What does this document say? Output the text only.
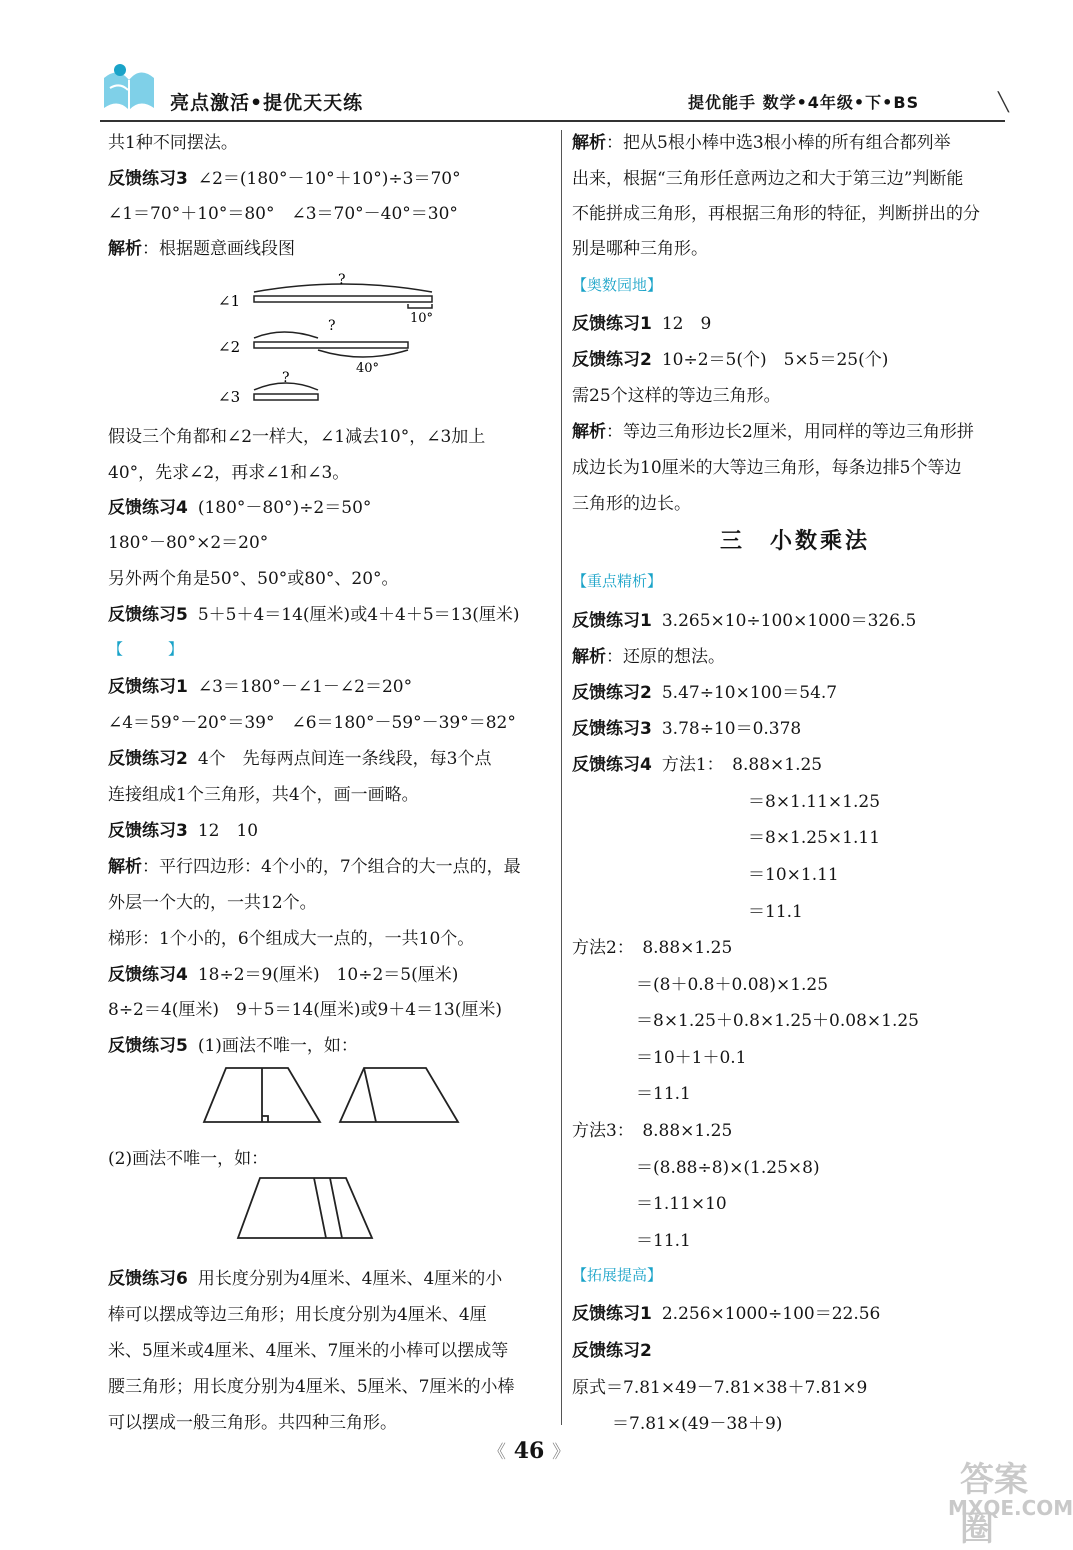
亮点激活•提优天天练	提优能手 数学•4年级•下•BS	╲
共1种不同摆法。
反馈练习3 ∠2＝(180°－10°＋10°)÷3＝70°
∠1＝70°＋10°＝80°　∠3＝70°－40°＝30°
解析：根据题意画线段图
∠1
∠2
∠3
?
10°
?
40°
?
假设三个角都和∠2一样大，∠1减去10°，∠3加上
40°，先求∠2，再求∠1和∠3。
反馈练习4 (180°－80°)÷2＝50°
180°－80°×2＝20°
另外两个角是50°、50°或80°、20°。
反馈练习5 5＋5＋4＝14(厘米)或4＋4＋5＝13(厘米)
【　　　】
反馈练习1 ∠3＝180°－∠1－∠2＝20°
∠4＝59°－20°＝39°　∠6＝180°－59°－39°＝82°
反馈练习2 4个　先每两点间连一条线段，每3个点
连接组成1个三角形，共4个，画一画略。
反馈练习3 12　10
解析：平行四边形：4个小的，7个组合的大一点的，最
外层一个大的，一共12个。
梯形：1个小的，6个组成大一点的，一共10个。
反馈练习4 18÷2＝9(厘米)　10÷2＝5(厘米)
8÷2＝4(厘米)　9＋5＝14(厘米)或9＋4＝13(厘米)
反馈练习5 (1)画法不唯一，如：
(2)画法不唯一，如：
反馈练习6 用长度分别为4厘米、4厘米、4厘米的小
棒可以摆成等边三角形；用长度分别为4厘米、4厘
米、5厘米或4厘米、4厘米、7厘米的小棒可以摆成等
腰三角形；用长度分别为4厘米、5厘米、7厘米的小棒
可以摆成一般三角形。共四种三角形。
解析：把从5根小棒中选3根小棒的所有组合都列举
出来，根据“三角形任意两边之和大于第三边”判断能
不能拼成三角形，再根据三角形的特征，判断拼出的分
别是哪种三角形。
【奥数园地】
反馈练习1 12　9
反馈练习2 10÷2＝5(个)　5×5＝25(个)
需25个这样的等边三角形。
解析：等边三角形边长2厘米，用同样的等边三角形拼
成边长为10厘米的大等边三角形，每条边排5个等边
三角形的边长。
三　小数乘法
【重点精析】
反馈练习1 3.265×10÷100×1000＝326.5
解析：还原的想法。
反馈练习2 5.47÷10×100＝54.7
反馈练习3 3.78÷10＝0.378
反馈练习4 方法1：　8.88×1.25
＝8×1.11×1.25
＝8×1.25×1.11
＝10×1.11
＝11.1
方法2：　8.88×1.25
＝(8＋0.8＋0.08)×1.25
＝8×1.25＋0.8×1.25＋0.08×1.25
＝10＋1＋0.1
＝11.1
方法3：　8.88×1.25
＝(8.88÷8)×(1.25×8)
＝1.11×10
＝11.1
【拓展提高】
反馈练习1 2.256×1000÷100＝22.56
反馈练习2
原式＝7.81×49－7.81×38＋7.81×9
＝7.81×(49－38＋9)
《 46 》
答案圈
MXQE.COM
